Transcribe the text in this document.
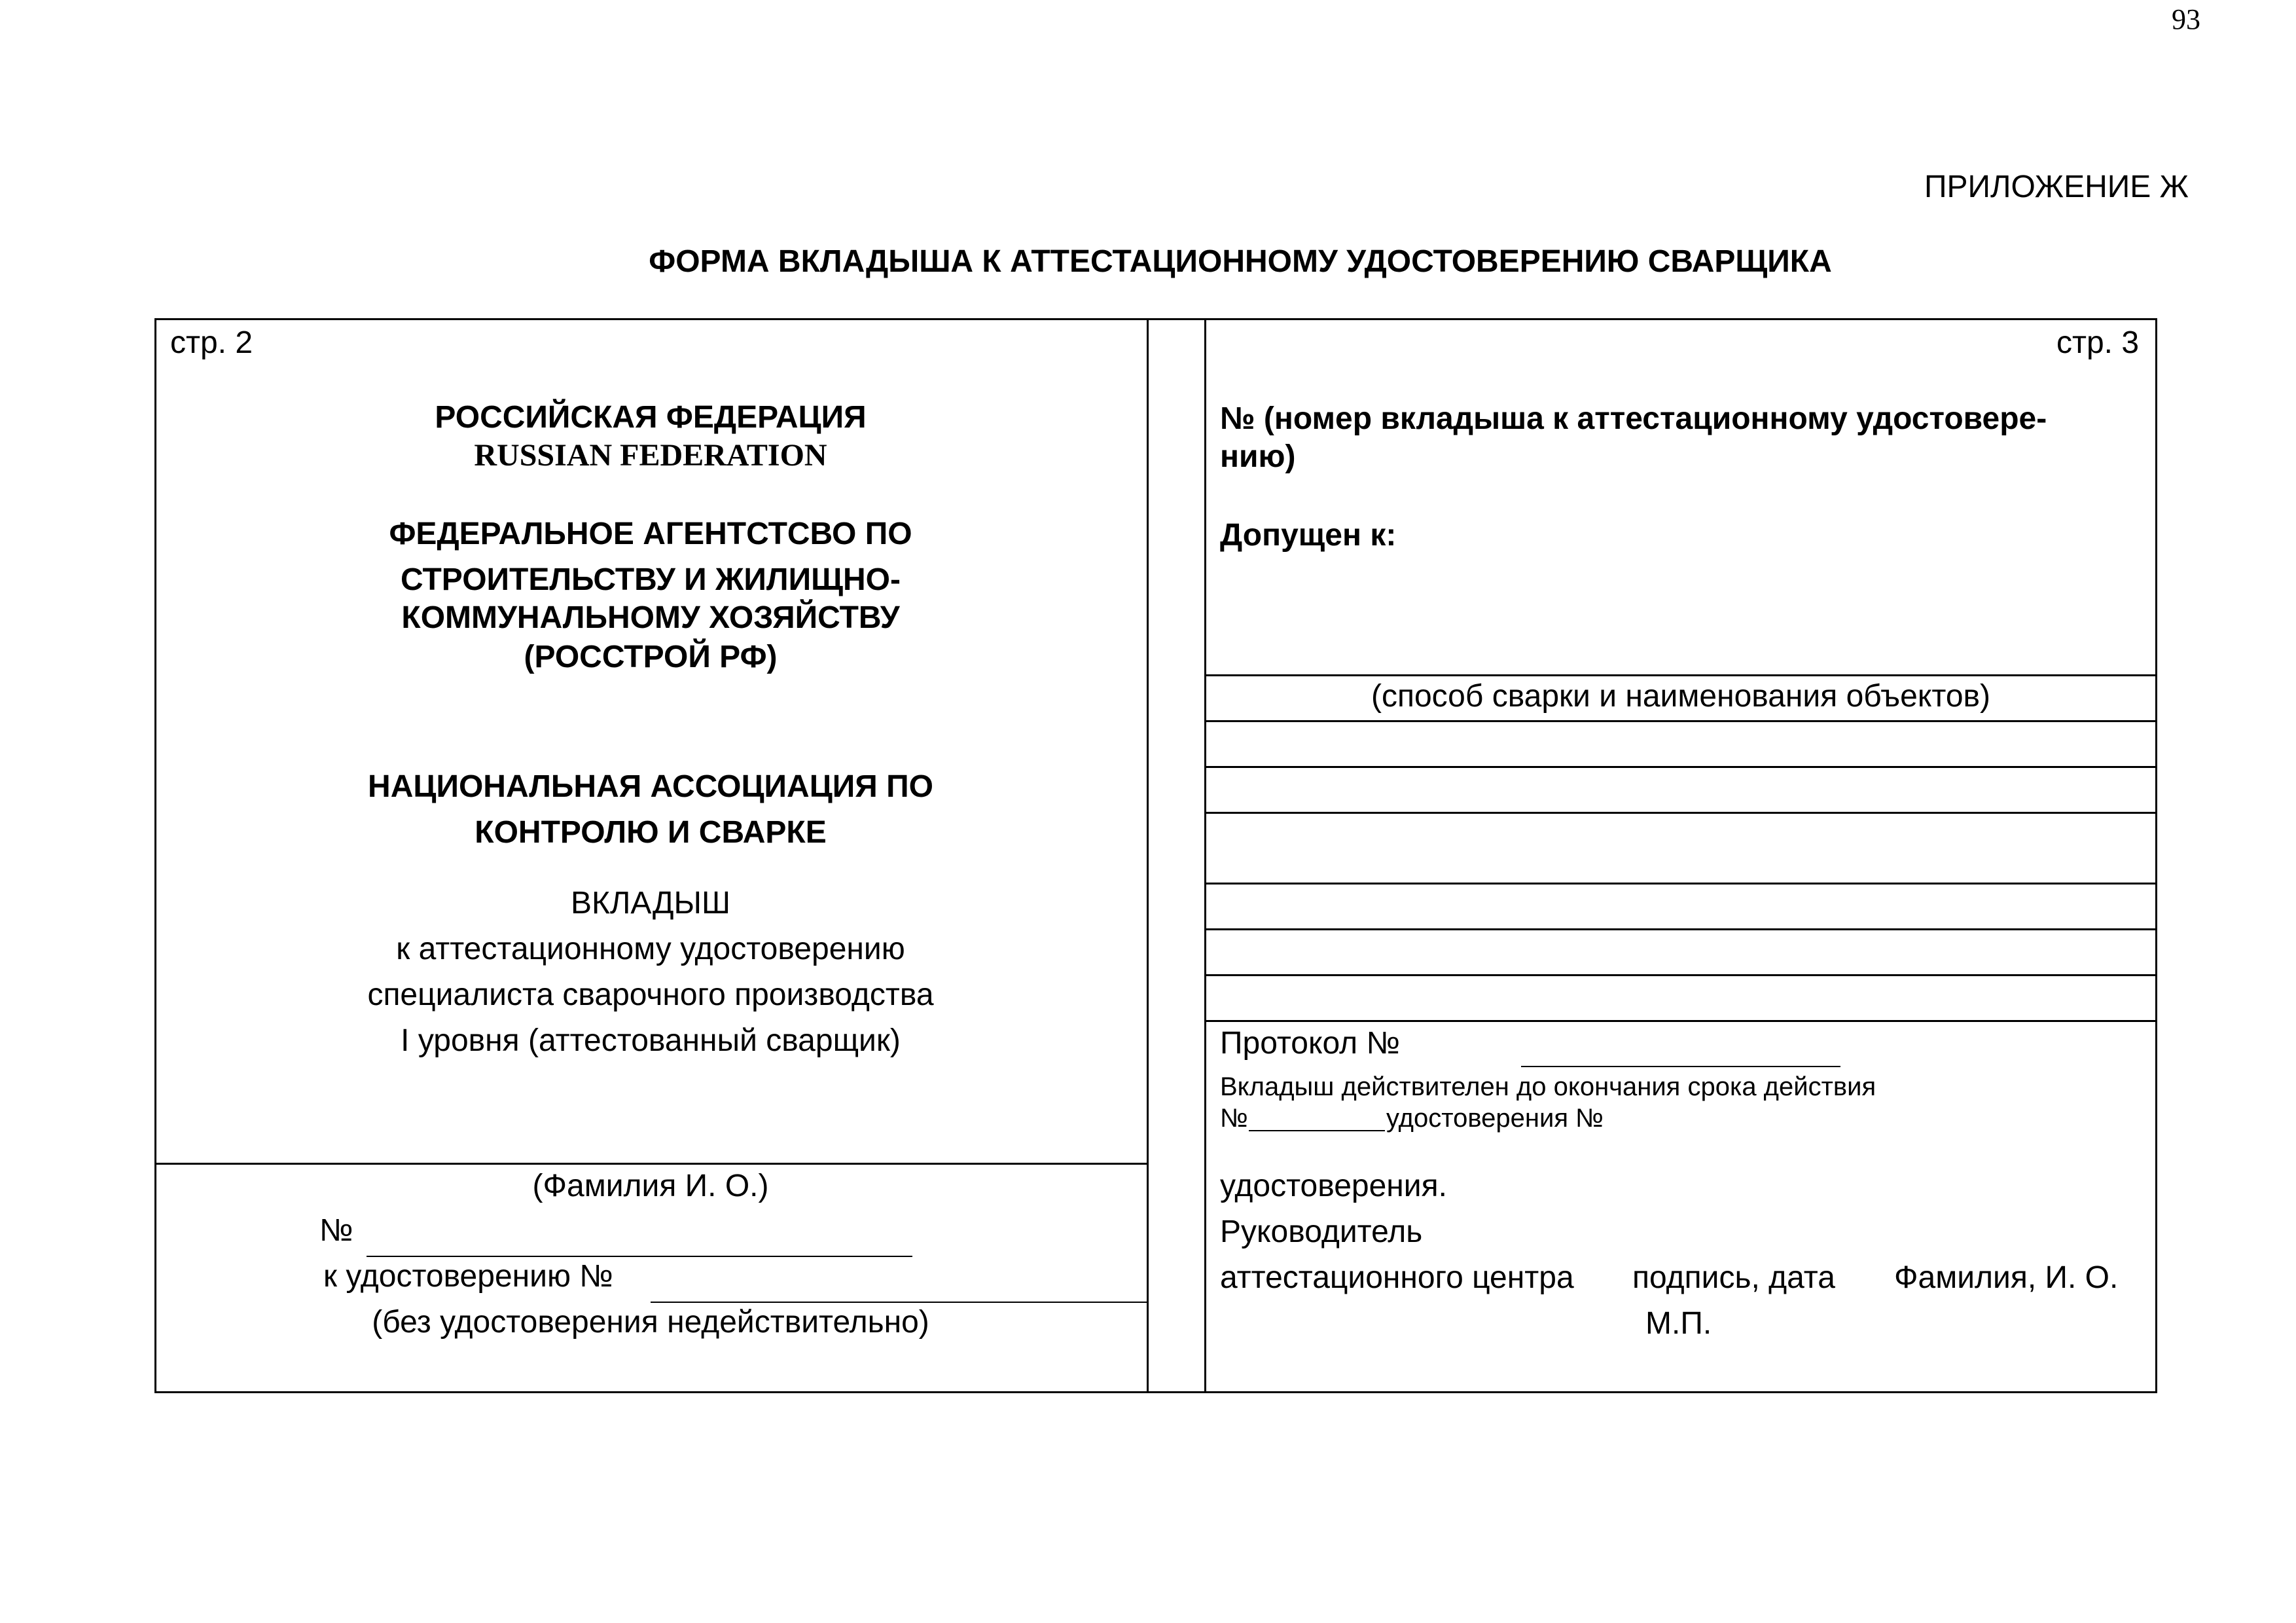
93
ПРИЛОЖЕНИЕ Ж
ФОРМА ВКЛАДЫША К АТТЕСТАЦИОННОМУ УДОСТОВЕРЕНИЮ СВАРЩИКА
стр. 2
РОССИЙСКАЯ ФЕДЕРАЦИЯ
RUSSIAN FEDERATION
ФЕДЕРАЛЬНОЕ АГЕНТСТСВО ПО
СТРОИТЕЛЬСТВУ И ЖИЛИЩНО-
КОММУНАЛЬНОМУ ХОЗЯЙСТВУ
(РОССТРОЙ РФ)
НАЦИОНАЛЬНАЯ АССОЦИАЦИЯ ПО
КОНТРОЛЮ И СВАРКЕ
ВКЛАДЫШ
к аттестационному удостоверению
специалиста сварочного производства
I уровня (аттестованный сварщик)
(Фамилия И. О.)
№
к удостоверению №
(без удостоверения недействительно)
стр. 3
№ (номер вкладыша к аттестационному удостовере-
нию)
Допущен к:
(способ сварки и наименования объектов)
Протокол №
Вкладыш действителен до окончания срока действия
№	удостоверения №
удостоверения.
Руководитель
аттестационного центра подпись, дата Фамилия, И. О.
М.П.
